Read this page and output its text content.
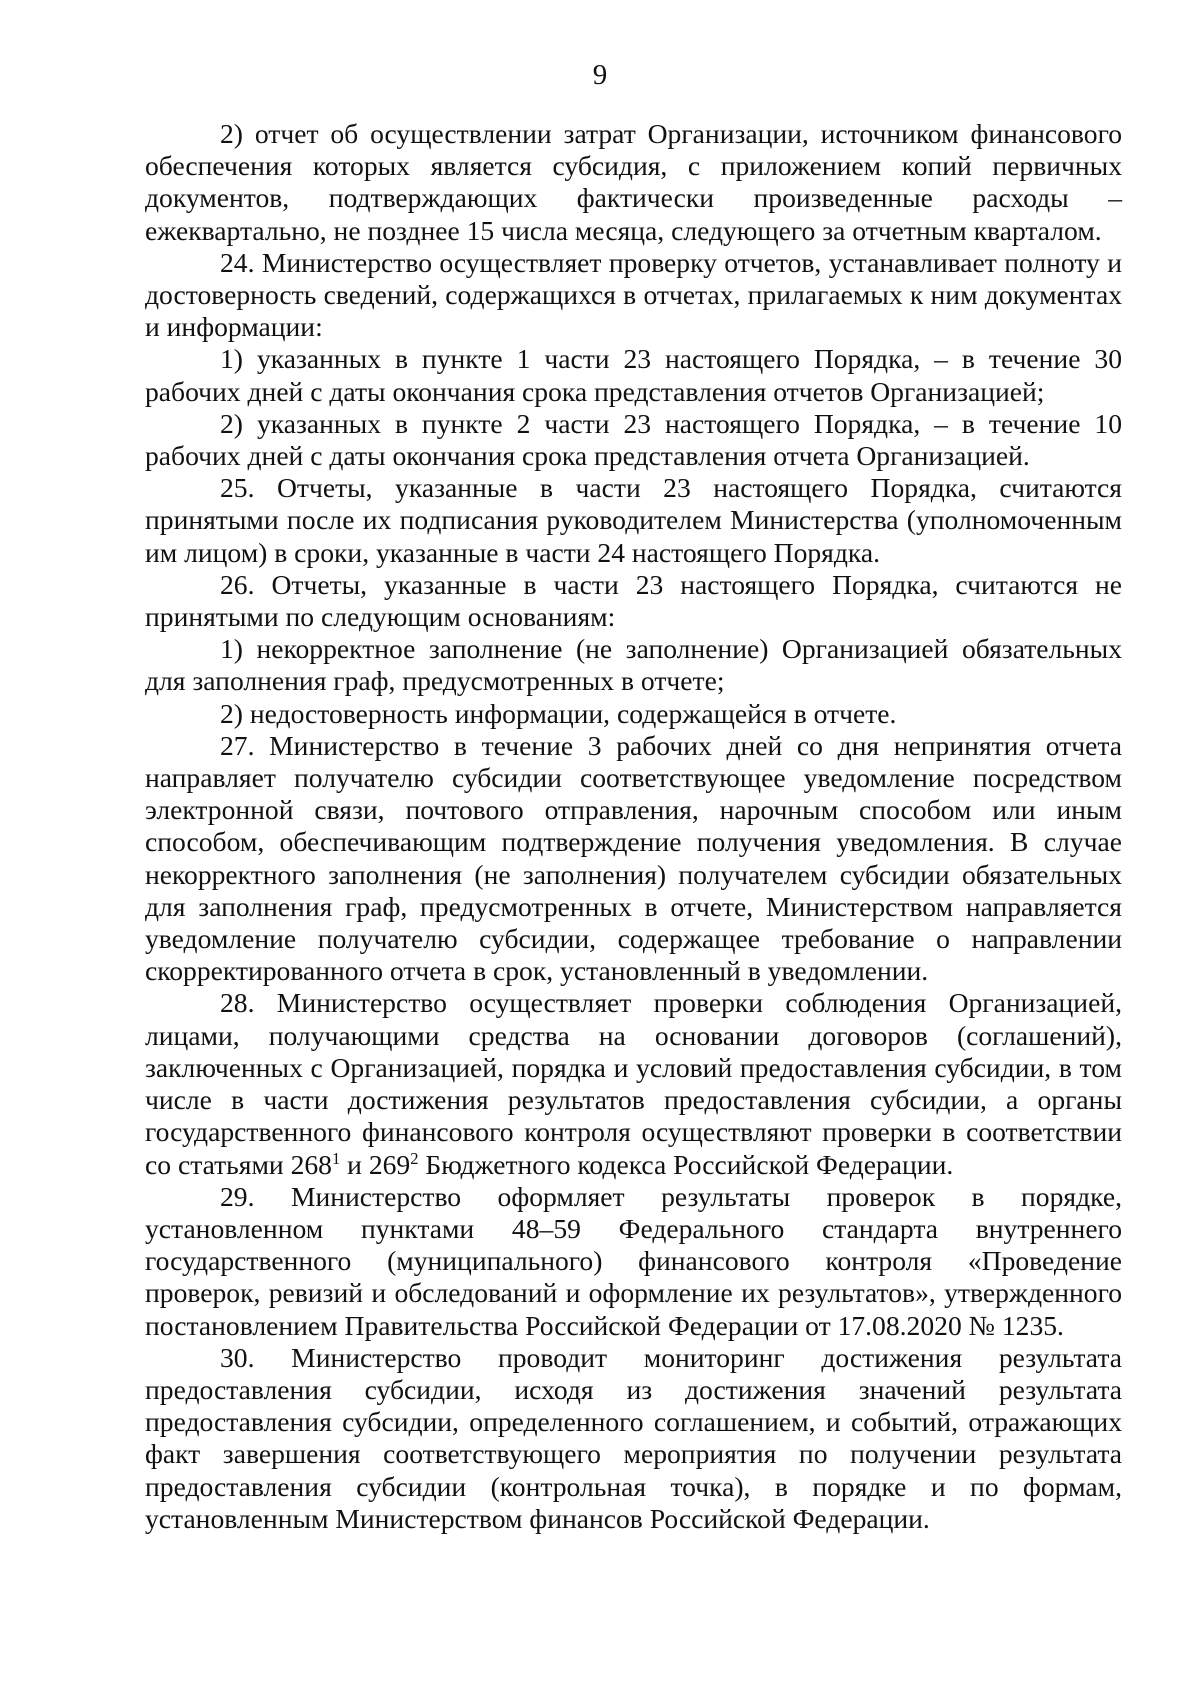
9

2) отчет об осуществлении затрат Организации, источником финансового обеспечения которых является субсидия, с приложением копий первичных документов, подтверждающих фактически произведенные расходы – ежеквартально, не позднее 15 числа месяца, следующего за отчетным кварталом.

24. Министерство осуществляет проверку отчетов, устанавливает полноту и достоверность сведений, содержащихся в отчетах, прилагаемых к ним документах и информации:

1) указанных в пункте 1 части 23 настоящего Порядка, – в течение 30 рабочих дней с даты окончания срока представления отчетов Организацией;

2) указанных в пункте 2 части 23 настоящего Порядка, – в течение 10 рабочих дней с даты окончания срока представления отчета Организацией.

25. Отчеты, указанные в части 23 настоящего Порядка, считаются принятыми после их подписания руководителем Министерства (уполномоченным им лицом) в сроки, указанные в части 24 настоящего Порядка.

26. Отчеты, указанные в части 23 настоящего Порядка, считаются не принятыми по следующим основаниям:

1) некорректное заполнение (не заполнение) Организацией обязательных для заполнения граф, предусмотренных в отчете;

2) недостоверность информации, содержащейся в отчете.

27. Министерство в течение 3 рабочих дней со дня непринятия отчета направляет получателю субсидии соответствующее уведомление посредством электронной связи, почтового отправления, нарочным способом или иным способом, обеспечивающим подтверждение получения уведомления. В случае некорректного заполнения (не заполнения) получателем субсидии обязательных для заполнения граф, предусмотренных в отчете, Министерством направляется уведомление получателю субсидии, содержащее требование о направлении скорректированного отчета в срок, установленный в уведомлении.

28. Министерство осуществляет проверки соблюдения Организацией, лицами, получающими средства на основании договоров (соглашений), заключенных с Организацией, порядка и условий предоставления субсидии, в том числе в части достижения результатов предоставления субсидии, а органы государственного финансового контроля осуществляют проверки в соответствии со статьями $268^1$ и $269^2$ Бюджетного кодекса Российской Федерации.

29. Министерство оформляет результаты проверок в порядке, установленном пунктами 48–59 Федерального стандарта внутреннего государственного (муниципального) финансового контроля «Проведение проверок, ревизий и обследований и оформление их результатов», утвержденного постановлением Правительства Российской Федерации от 17.08.2020 № 1235.

30. Министерство проводит мониторинг достижения результата предоставления субсидии, исходя из достижения значений результата предоставления субсидии, определенного соглашением, и событий, отражающих факт завершения соответствующего мероприятия по получении результата предоставления субсидии (контрольная точка), в порядке и по формам, установленным Министерством финансов Российской Федерации.
